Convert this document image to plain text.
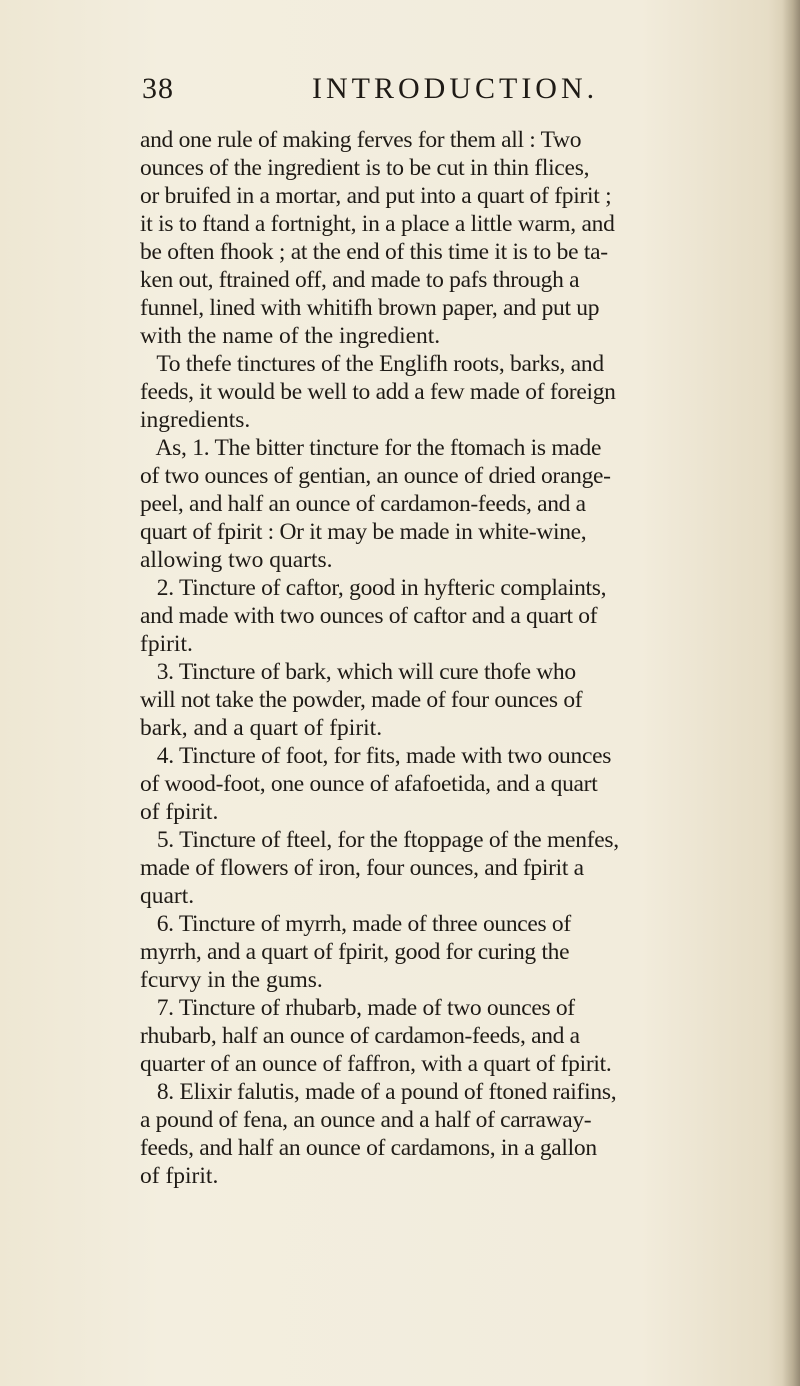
38	INTRODUCTION.
and one rule of making ferves for them all : Two
ounces of the ingredient is to be cut in thin flices,
or bruifed in a mortar, and put into a quart of fpirit ;
it is to ftand a fortnight, in a place a little warm, and
be often fhook ; at the end of this time it is to be ta-
ken out, ftrained off, and made to pafs through a
funnel, lined with whitifh brown paper, and put up
with the name of the ingredient.
To thefe tinctures of the Englifh roots, barks, and
feeds, it would be well to add a few made of foreign
ingredients.
As, 1. The bitter tincture for the ftomach is made
of two ounces of gentian, an ounce of dried orange-
peel, and half an ounce of cardamon-feeds, and a
quart of fpirit : Or it may be made in white-wine,
allowing two quarts.
2. Tincture of caftor, good in hyfteric complaints,
and made with two ounces of caftor and a quart of
fpirit.
3. Tincture of bark, which will cure thofe who
will not take the powder, made of four ounces of
bark, and a quart of fpirit.
4. Tincture of foot, for fits, made with two ounces
of wood-foot, one ounce of afafoetida, and a quart
of fpirit.
5. Tincture of fteel, for the ftoppage of the menfes,
made of flowers of iron, four ounces, and fpirit a
quart.
6. Tincture of myrrh, made of three ounces of
myrrh, and a quart of fpirit, good for curing the
fcurvy in the gums.
7. Tincture of rhubarb, made of two ounces of
rhubarb, half an ounce of cardamon-feeds, and a
quarter of an ounce of faffron, with a quart of fpirit.
8. Elixir falutis, made of a pound of ftoned raifins,
a pound of fena, an ounce and a half of carraway-
feeds, and half an ounce of cardamons, in a gallon
of fpirit.
